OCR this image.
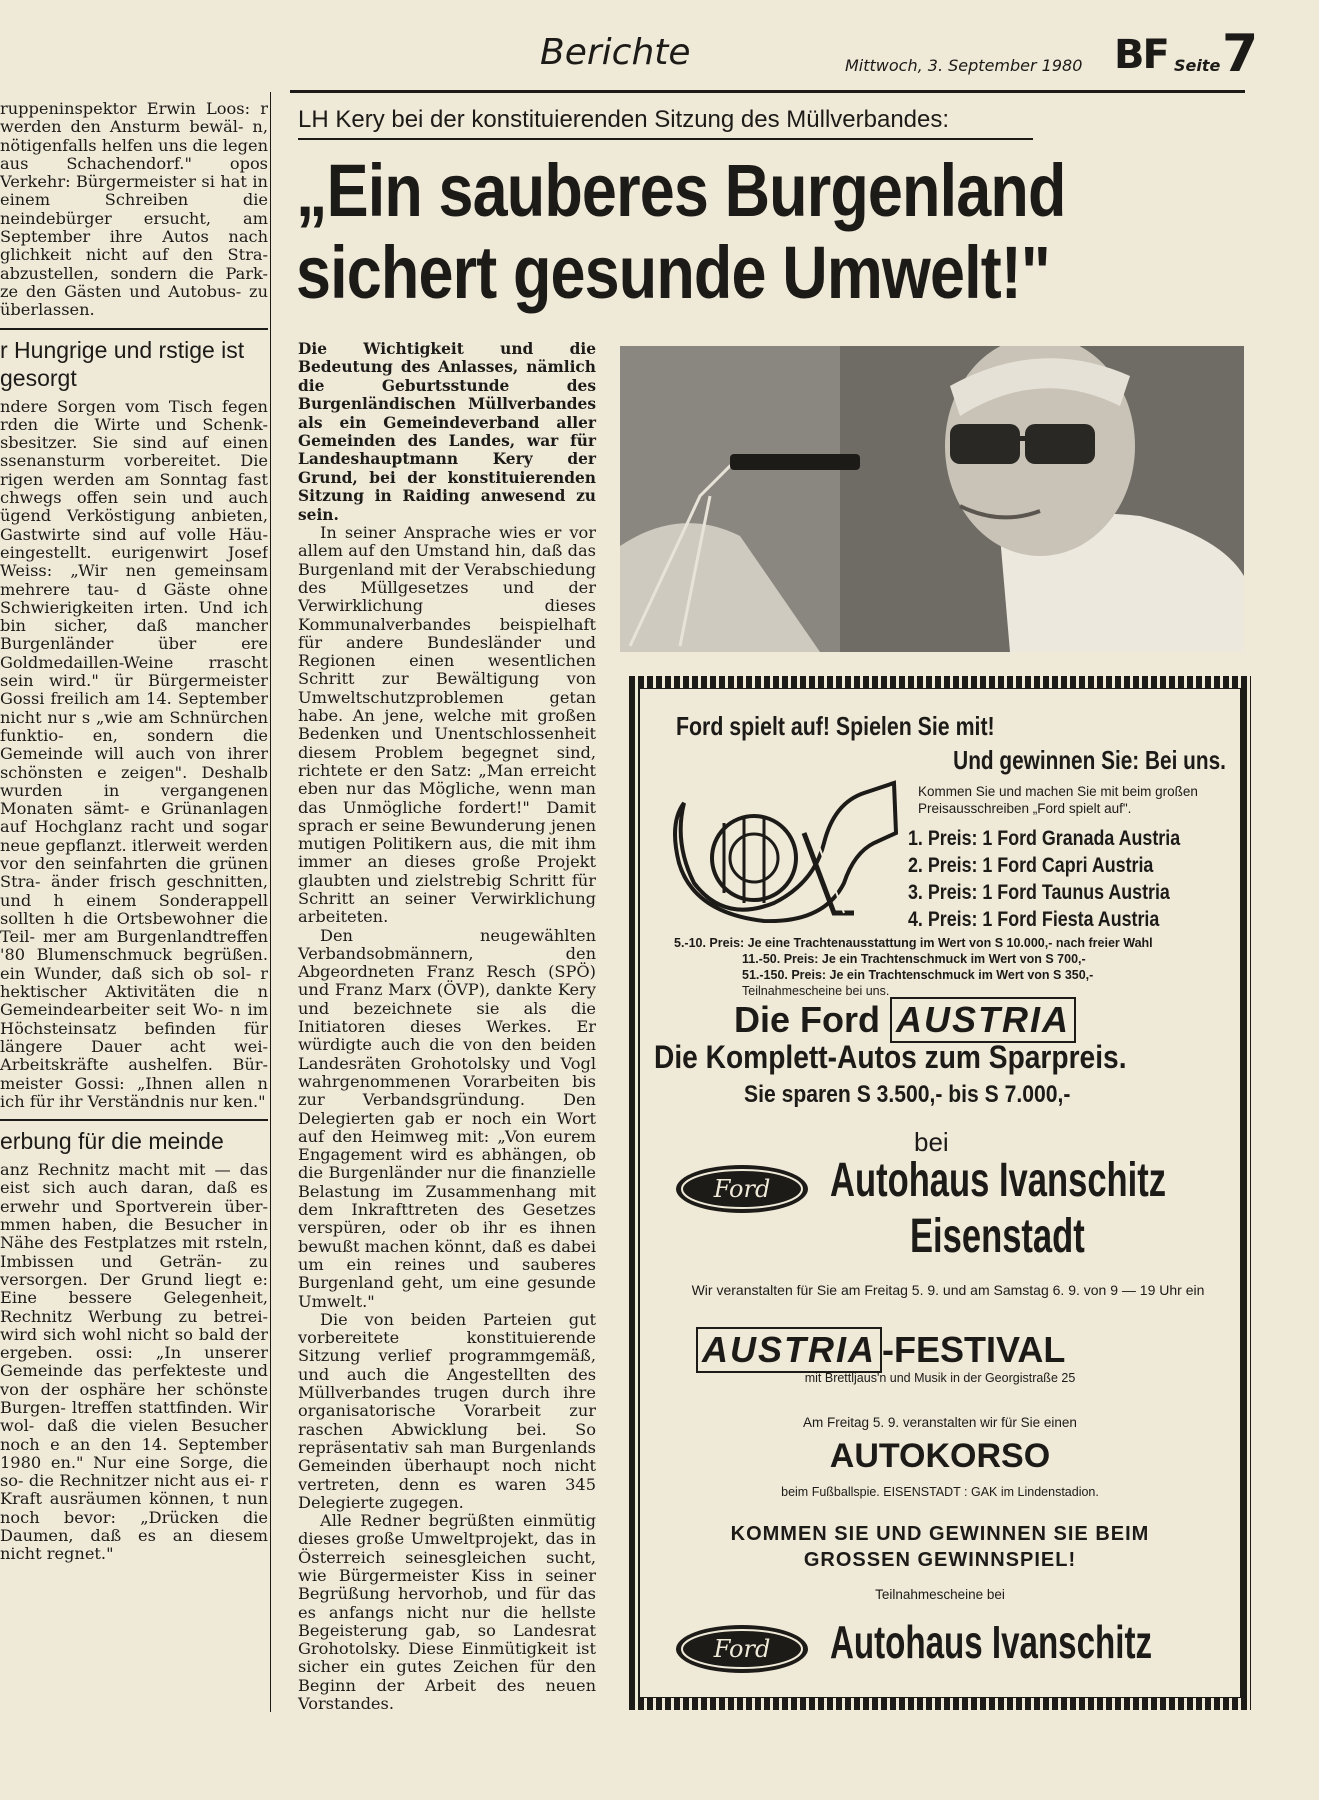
Berichte	Mittwoch, 3. September 1980 BF Seite 7

ruppeninspektor Erwin Loos: r werden den Ansturm bewäl- n, nötigenfalls helfen uns die legen aus Schachendorf." opos Verkehr: Bürgermeister si hat in einem Schreiben die neindebürger ersucht, am September ihre Autos nach glichkeit nicht auf den Stra- abzustellen, sondern die Park- ze den Gästen und Autobus- zu überlassen.

r Hungrige und rstige ist gesorgt

ndere Sorgen vom Tisch fegen rden die Wirte und Schenk- sbesitzer. Sie sind auf einen ssenansturm vorbereitet. Die rigen werden am Sonntag fast chwegs offen sein und auch ügend Verköstigung anbieten, Gastwirte sind auf volle Häu- eingestellt. eurigenwirt Josef Weiss: „Wir nen gemeinsam mehrere tau- d Gäste ohne Schwierigkeiten irten. Und ich bin sicher, daß mancher Burgenländer über ere Goldmedaillen-Weine rrascht sein wird." ür Bürgermeister Gossi freilich am 14. September nicht nur s „wie am Schnürchen funktio- en, sondern die Gemeinde will auch von ihrer schönsten e zeigen". Deshalb wurden in vergangenen Monaten sämt- e Grünanlagen auf Hochglanz racht und sogar neue gepflanzt. itlerweit werden vor den seinfahrten die grünen Stra- änder frisch geschnitten, und h einem Sonderappell sollten h die Ortsbewohner die Teil- mer am Burgenlandtreffen '80 Blumenschmuck begrüßen. ein Wunder, daß sich ob sol- r hektischer Aktivitäten die n Gemeindearbeiter seit Wo- n im Höchsteinsatz befinden für längere Dauer acht wei- Arbeitskräfte aushelfen. Bür- meister Gossi: „Ihnen allen n ich für ihr Verständnis nur ken."

erbung für die meinde

anz Rechnitz macht mit — das eist sich auch daran, daß es erwehr und Sportverein über- mmen haben, die Besucher in Nähe des Festplatzes mit rsteln, Imbissen und Geträn- zu versorgen. Der Grund liegt e: Eine bessere Gelegenheit, Rechnitz Werbung zu betrei- wird sich wohl nicht so bald der ergeben. ossi: „In unserer Gemeinde das perfekteste und von der osphäre her schönste Burgen- ltreffen stattfinden. Wir wol- daß die vielen Besucher noch e an den 14. September 1980 en." Nur eine Sorge, die so- die Rechnitzer nicht aus ei- r Kraft ausräumen können, t nun noch bevor: „Drücken die Daumen, daß es an diesem nicht regnet."

LH Kery bei der konstituierenden Sitzung des Müllverbandes:
„Ein sauberes Burgenland
sichert gesunde Umwelt!"

Die Wichtigkeit und die Bedeutung des Anlasses, nämlich die Geburtsstunde des Burgenländischen Müllverbandes als ein Gemeindeverband aller Gemeinden des Landes, war für Landeshauptmann Kery der Grund, bei der konstituierenden Sitzung in Raiding anwesend zu sein.

In seiner Ansprache wies er vor allem auf den Umstand hin, daß das Burgenland mit der Verabschiedung des Müllgesetzes und der Verwirklichung dieses Kommunalverbandes beispielhaft für andere Bundesländer und Regionen einen wesentlichen Schritt zur Bewältigung von Umweltschutzproblemen getan habe. An jene, welche mit großen Bedenken und Unentschlossenheit diesem Problem begegnet sind, richtete er den Satz: „Man erreicht eben nur das Mögliche, wenn man das Unmögliche fordert!" Damit sprach er seine Bewunderung jenen mutigen Politikern aus, die mit ihm immer an dieses große Projekt glaubten und zielstrebig Schritt für Schritt an seiner Verwirklichung arbeiteten.

Den neugewählten Verbandsobmännern, den Abgeordneten Franz Resch (SPÖ) und Franz Marx (ÖVP), dankte Kery und bezeichnete sie als die Initiatoren dieses Werkes. Er würdigte auch die von den beiden Landesräten Grohotolsky und Vogl wahrgenommenen Vorarbeiten bis zur Verbandsgründung. Den Delegierten gab er noch ein Wort auf den Heimweg mit: „Von eurem Engagement wird es abhängen, ob die Burgenländer nur die finanzielle Belastung im Zusammenhang mit dem Inkrafttreten des Gesetzes verspüren, oder ob ihr es ihnen bewußt machen könnt, daß es dabei um ein reines und sauberes Burgenland geht, um eine gesunde Umwelt."

Die von beiden Parteien gut vorbereitete konstituierende Sitzung verlief programmgemäß, und auch die Angestellten des Müllverbandes trugen durch ihre organisatorische Vorarbeit zur raschen Abwicklung bei. So repräsentativ sah man Burgenlands Gemeinden überhaupt noch nicht vertreten, denn es waren 345 Delegierte zugegen.

Alle Redner begrüßten einmütig dieses große Umweltprojekt, das in Österreich seinesgleichen sucht, wie Bürgermeister Kiss in seiner Begrüßung hervorhob, und für das es anfangs nicht nur die hellste Begeisterung gab, so Landesrat Grohotolsky. Diese Einmütigkeit ist sicher ein gutes Zeichen für den Beginn der Arbeit des neuen Vorstandes.

Ford spielt auf! Spielen Sie mit!
Und gewinnen Sie: Bei uns.
Kommen Sie und machen Sie mit beim großen Preisausschreiben „Ford spielt auf".
1. Preis: 1 Ford Granada Austria
2. Preis: 1 Ford Capri Austria
3. Preis: 1 Ford Taunus Austria
4. Preis: 1 Ford Fiesta Austria
5.-10. Preis: Je eine Trachtenausstattung im Wert von S 10.000,- nach freier Wahl
11.-50. Preis: Je ein Trachtenschmuck im Wert von S 700,-
51.-150. Preis: Je ein Trachtenschmuck im Wert von S 350,-
Teilnahmescheine bei uns.
Die Ford AUSTRIA
Die Komplett-Autos zum Sparpreis.
Sie sparen S 3.500,- bis S 7.000,-
bei
Ford Autohaus Ivanschitz
Eisenstadt
Wir veranstalten für Sie am Freitag 5. 9. und am Samstag 6. 9. von 9 — 19 Uhr ein
AUSTRIA -FESTIVAL
mit Brettljaus'n und Musik in der Georgistraße 25
Am Freitag 5. 9. veranstalten wir für Sie einen
AUTOKORSO
beim Fußballspie. EISENSTADT : GAK im Lindenstadion.
KOMMEN SIE UND GEWINNEN SIE BEIM GROSSEN GEWINNSPIEL!
Teilnahmescheine bei
Ford Autohaus Ivanschitz
